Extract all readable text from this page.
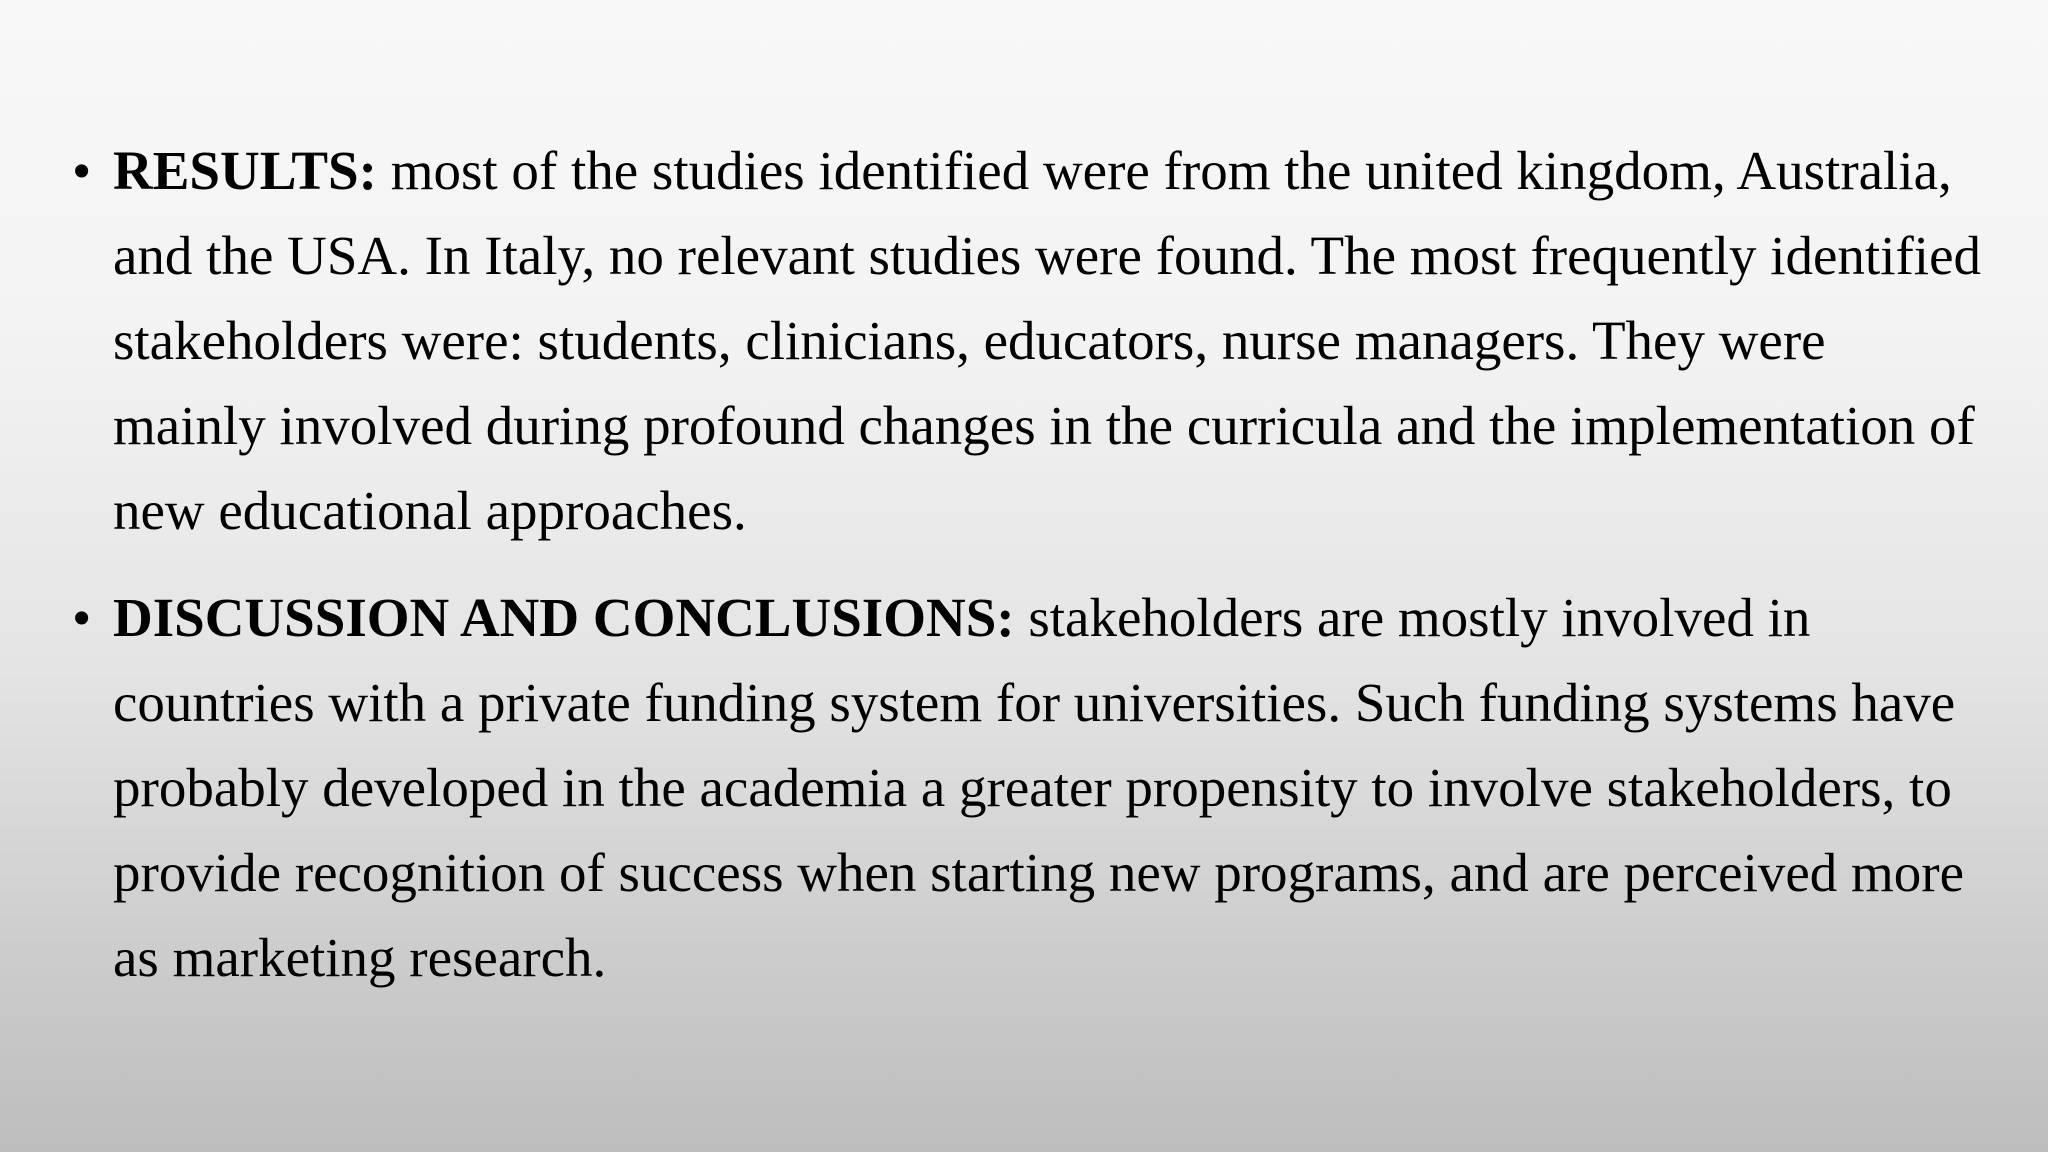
• RESULTS: most of the studies identified were from the united kingdom, Australia, and the USA. In Italy, no relevant studies were found. The most frequently identified stakeholders were: students, clinicians, educators, nurse managers. They were mainly involved during profound changes in the curricula and the implementation of new educational approaches.
• DISCUSSION AND CONCLUSIONS: stakeholders are mostly involved in countries with a private funding system for universities. Such funding systems have probably developed in the academia a greater propensity to involve stakeholders, to provide recognition of success when starting new programs, and are perceived more as marketing research.
